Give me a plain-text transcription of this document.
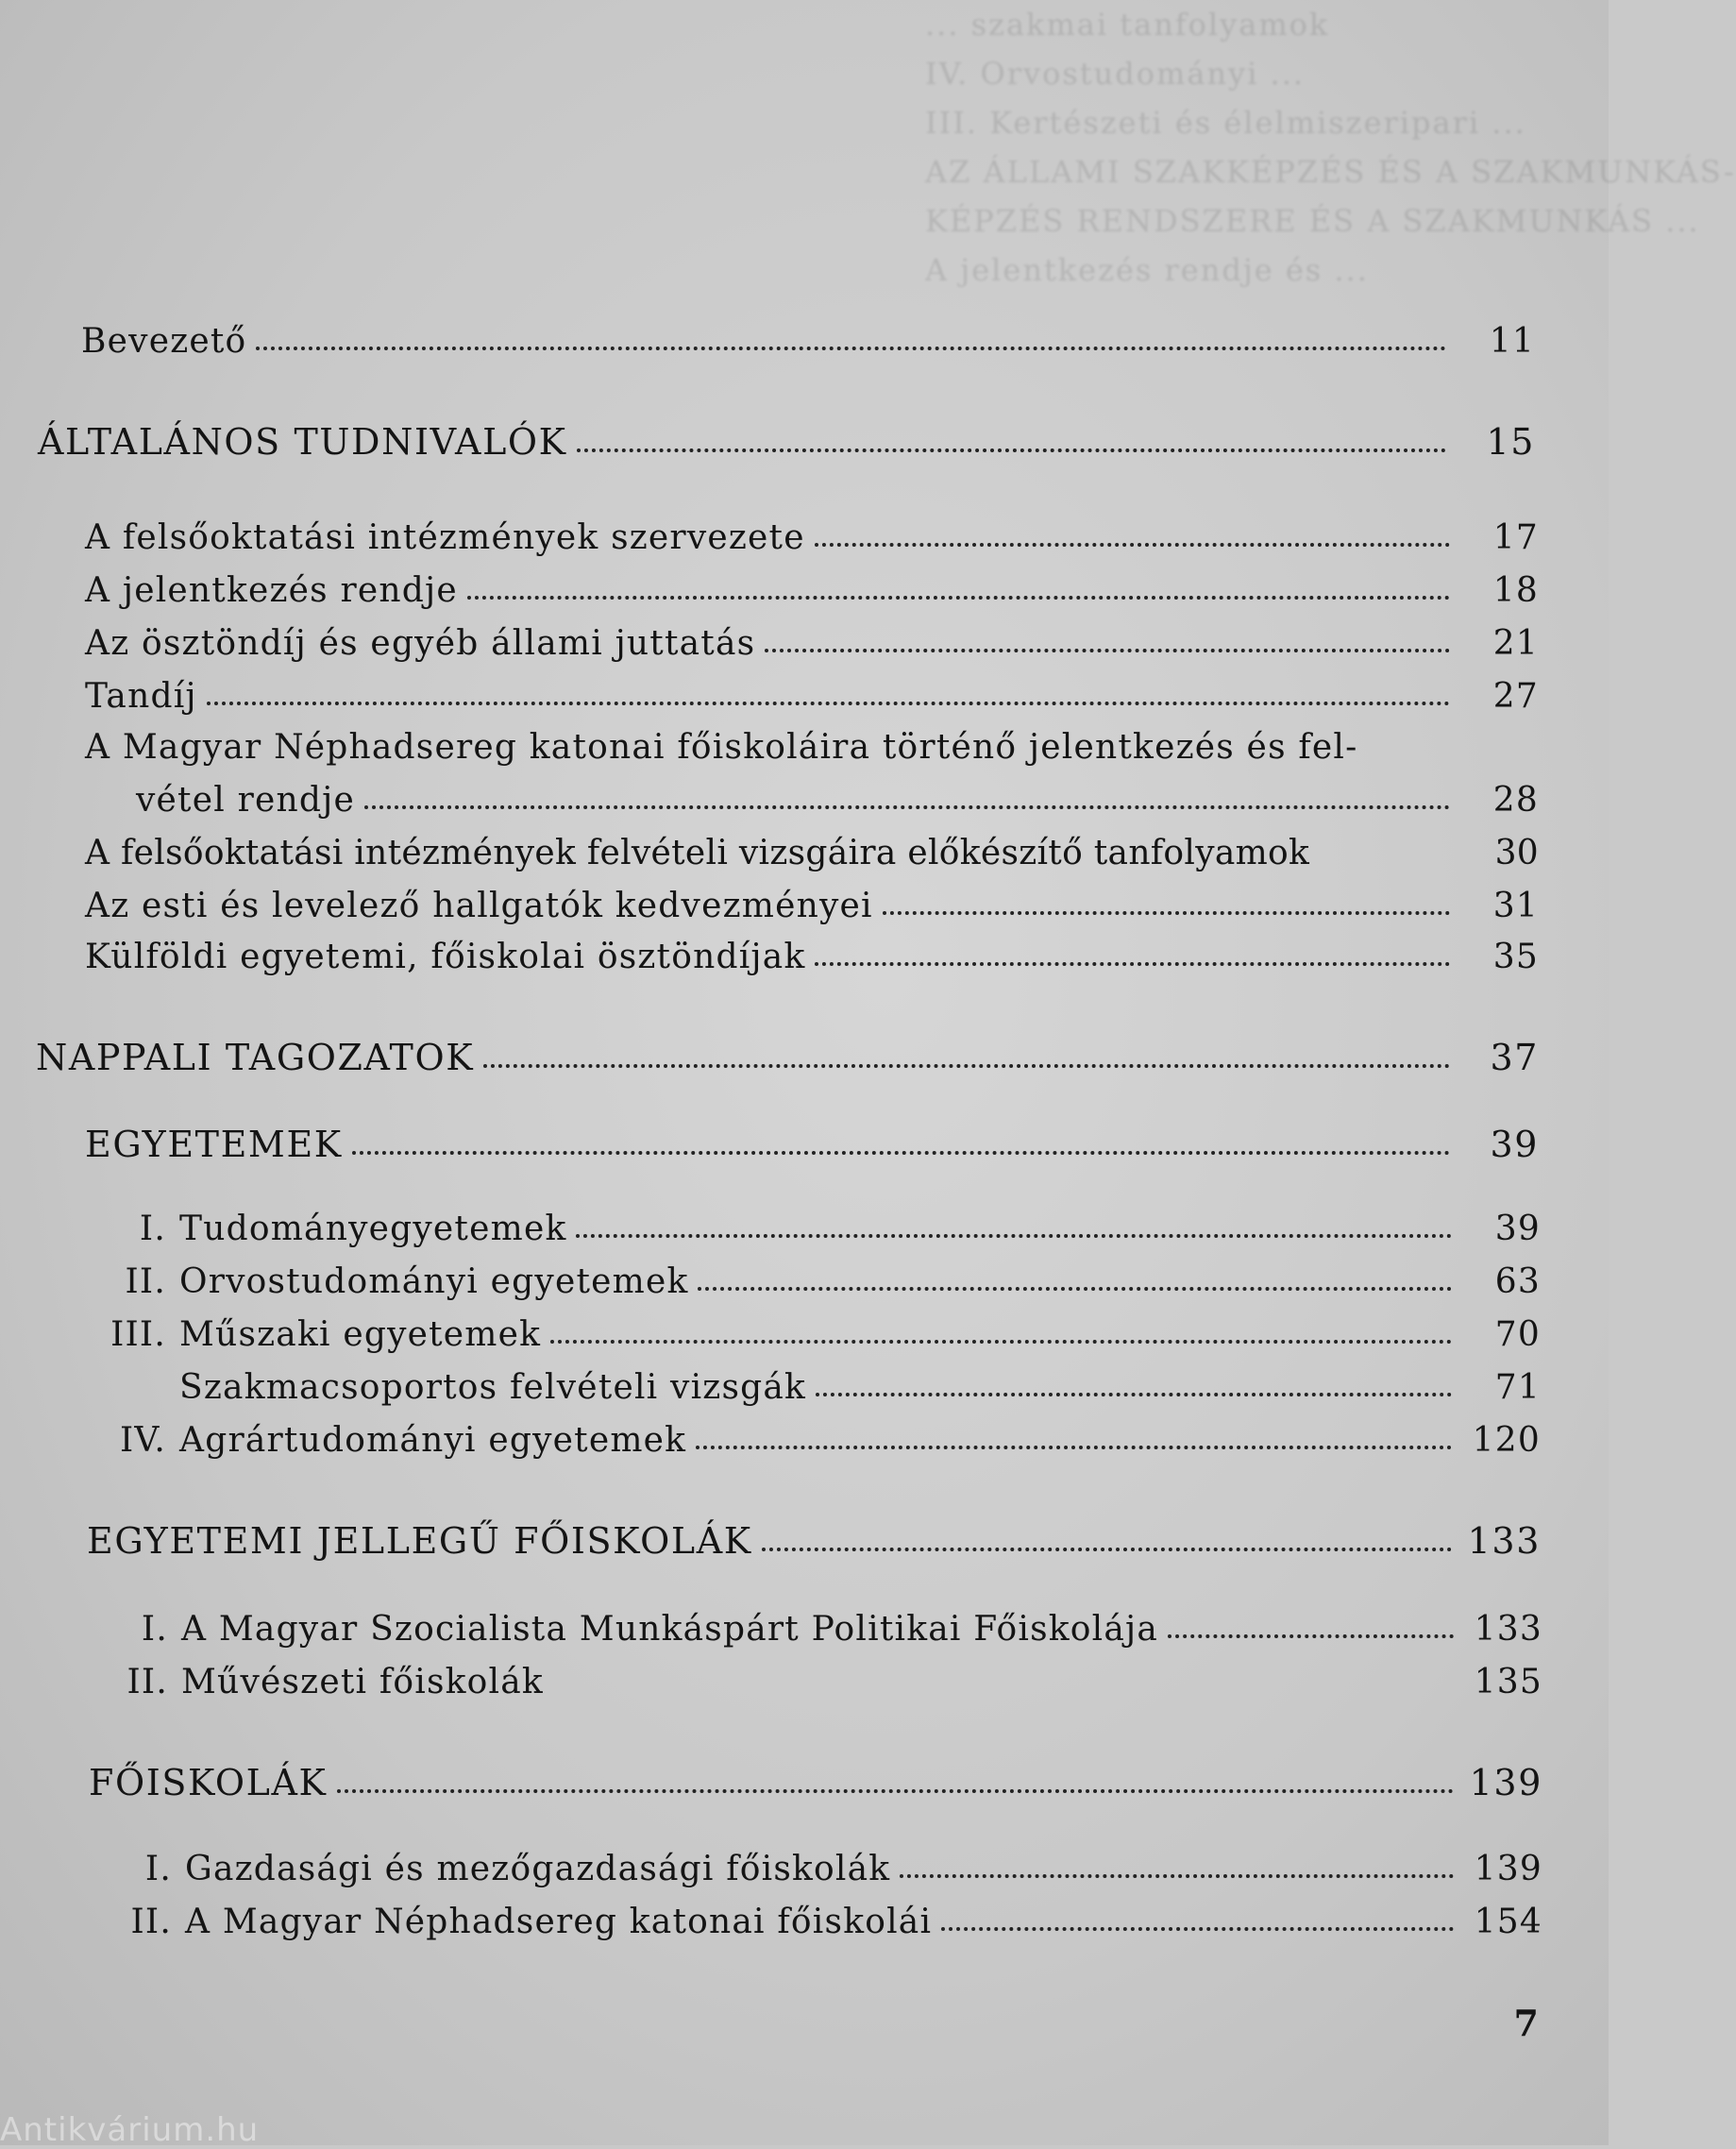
... szakmai tanfolyamok
IV. Orvostudományi ...
III. Kertészeti és élelmiszeripari ...
AZ ÁLLAMI SZAKKÉPZÉS ÉS A SZAKMUNKÁS-
KÉPZÉS RENDSZERE ÉS A SZAKMUNKÁS ...
A jelentkezés rendje és ...
Bevezető	11
ÁLTALÁNOS TUDNIVALÓK	15
A felsőoktatási intézmények szervezete	17
A jelentkezés rendje	18
Az ösztöndíj és egyéb állami juttatás	21
Tandíj	27
A Magyar Néphadsereg katonai főiskoláira történő jelentkezés és fel-
vétel rendje	28
A felsőoktatási intézmények felvételi vizsgáira előkészítő tanfolyamok	30
Az esti és levelező hallgatók kedvezményei	31
Külföldi egyetemi, főiskolai ösztöndíjak	35
NAPPALI TAGOZATOK	37
EGYETEMEK	39
I. Tudományegyetemek	39
II. Orvostudományi egyetemek	63
III. Műszaki egyetemek	70
Szakmacsoportos felvételi vizsgák	71
IV. Agrártudományi egyetemek	120
EGYETEMI JELLEGŰ FŐISKOLÁK	133
I. A Magyar Szocialista Munkáspárt Politikai Főiskolája	133
II. Művészeti főiskolák	135
FŐISKOLÁK	139
I. Gazdasági és mezőgazdasági főiskolák	139
II. A Magyar Néphadsereg katonai főiskolái	154
7
Antikvárium.hu
